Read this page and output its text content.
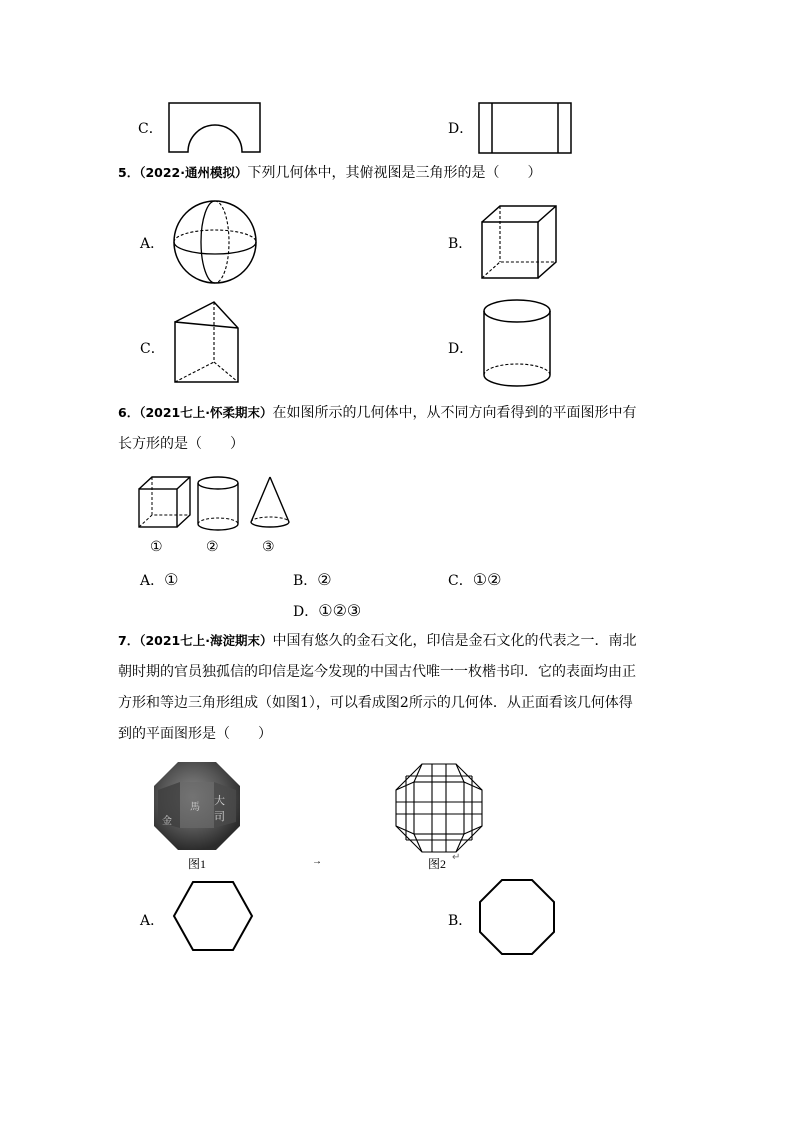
C．	D．
5．（2022·通州模拟）下列几何体中，其俯视图是三角形的是（　　）
A．	B．
C．	D．
6．（2021七上·怀柔期末）在如图所示的几何体中，从不同方向看得到的平面图形中有
长方形的是（　　）
①	②	③
A．①	B．②	C．①②
D．①②③
7．（2021七上·海淀期末）中国有悠久的金石文化，印信是金石文化的代表之一．南北
朝时期的官员独孤信的印信是迄今发现的中国古代唯一一枚楷书印．它的表面均由正
方形和等边三角形组成（如图1），可以看成图2所示的几何体．从正面看该几何体得
到的平面图形是（　　）
大
司
馬
金
图1	→	图2 ↵
A．	B．
